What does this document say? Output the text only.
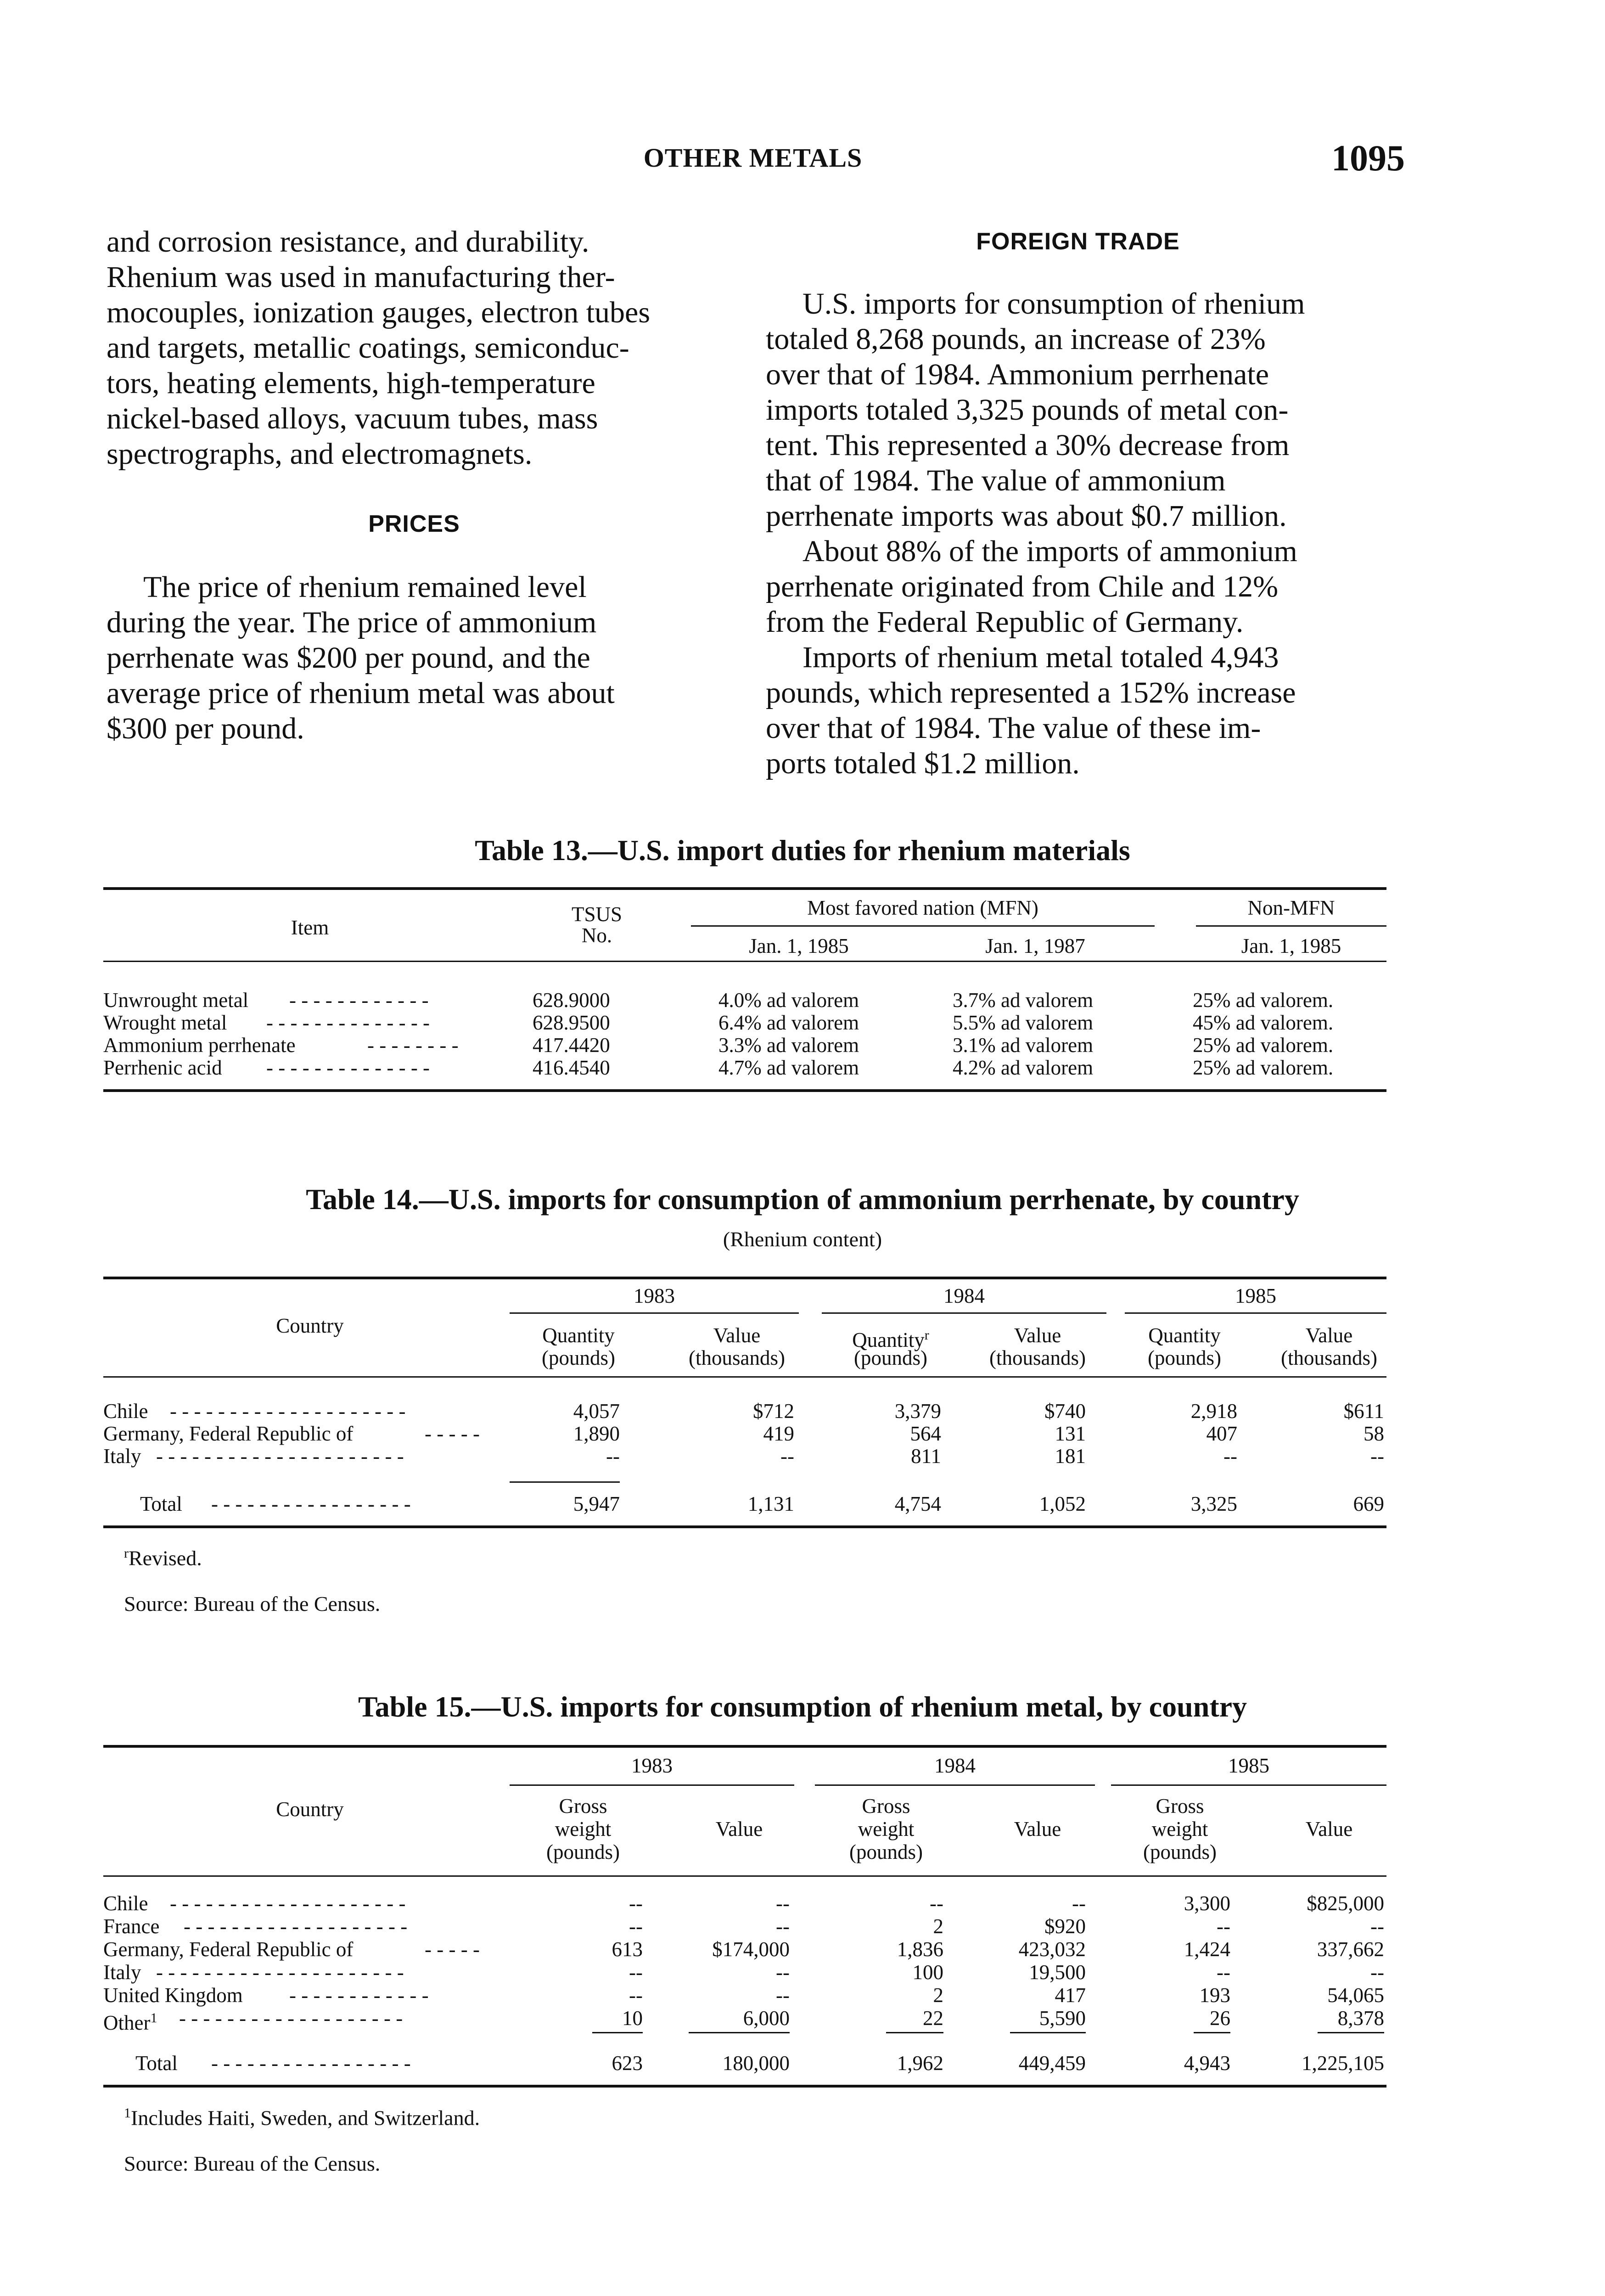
OTHER METALS	1095

and corrosion resistance, and durability.

Rhenium was used in manufacturing ther-

mocouples, ionization gauges, electron tubes

and targets, metallic coatings, semiconduc-

tors, heating elements, high-temperature

nickel-based alloys, vacuum tubes, mass

spectrographs, and electromagnets.

PRICES

The price of rhenium remained level

during the year. The price of ammonium

perrhenate was $200 per pound, and the

average price of rhenium metal was about

$300 per pound.

FOREIGN TRADE

U.S. imports for consumption of rhenium

totaled 8,268 pounds, an increase of 23%

over that of 1984. Ammonium perrhenate

imports totaled 3,325 pounds of metal con-

tent. This represented a 30% decrease from

that of 1984. The value of ammonium

perrhenate imports was about $0.7 million.

About 88% of the imports of ammonium

perrhenate originated from Chile and 12%

from the Federal Republic of Germany.

Imports of rhenium metal totaled 4,943

pounds, which represented a 152% increase

over that of 1984. The value of these im-

ports totaled $1.2 million.

Table 13.—U.S. import duties for rhenium materials
Item
TSUS
No.
Most favored nation (MFN)	Non-MFN
Jan. 1, 1985	Jan. 1, 1987	Jan. 1, 1985
Unwrought metal - - - - - - - - - - - -	628.9000	4.0% ad valorem	3.7% ad valorem	25% ad valorem.
Wrought metal - - - - - - - - - - - - - -	628.9500	6.4% ad valorem	5.5% ad valorem	45% ad valorem.
Ammonium perrhenate	- - - - - - - -	417.4420	3.3% ad valorem	3.1% ad valorem	25% ad valorem.
Perrhenic acid - - - - - - - - - - - - - -	416.4540	4.7% ad valorem	4.2% ad valorem	25% ad valorem.
Table 14.—U.S. imports for consumption of ammonium perrhenate, by country
(Rhenium content)
Country
1983	1984	1985
Quantity
(pounds)
Value
(thousands)
Quantity$^r$
(pounds)
Value
(thousands)
Quantity
(pounds)
Value
(thousands)
Chile - - - - - - - - - - - - - - - - - - - -	4,057	$712	3,379	$740	2,918	$611
Germany, Federal Republic of	- - - - -	1,890	419	564	131	407	58
Italy - - - - - - - - - - - - - - - - - - - - -	--	--	811	181	--	--
Total - - - - - - - - - - - - - - - - -	5,947	1,131	4,754	1,052	3,325	669
$^r$Revised.
Source: Bureau of the Census.
Table 15.—U.S. imports for consumption of rhenium metal, by country
Country
1983	1984	1985
Gross
weight
(pounds)
Value
Gross
weight
(pounds)
Value
Gross
weight
(pounds)
Value
Chile - - - - - - - - - - - - - - - - - - - -	--	--	--	--	3,300	$825,000
France - - - - - - - - - - - - - - - - - - -	--	--	2	$920	--	--
Germany, Federal Republic of	- - - - -	613	$174,000	1,836	423,032	1,424	337,662
Italy - - - - - - - - - - - - - - - - - - - - -	--	--	100	19,500	--	--
United Kingdom - - - - - - - - - - - -	--	--	2	417	193	54,065
Other$^1$ - - - - - - - - - - - - - - - - - - -	10	6,000	22	5,590	26	8,378
Total - - - - - - - - - - - - - - - - -	623	180,000	1,962	449,459	4,943	1,225,105
$^1$Includes Haiti, Sweden, and Switzerland.
Source: Bureau of the Census.
